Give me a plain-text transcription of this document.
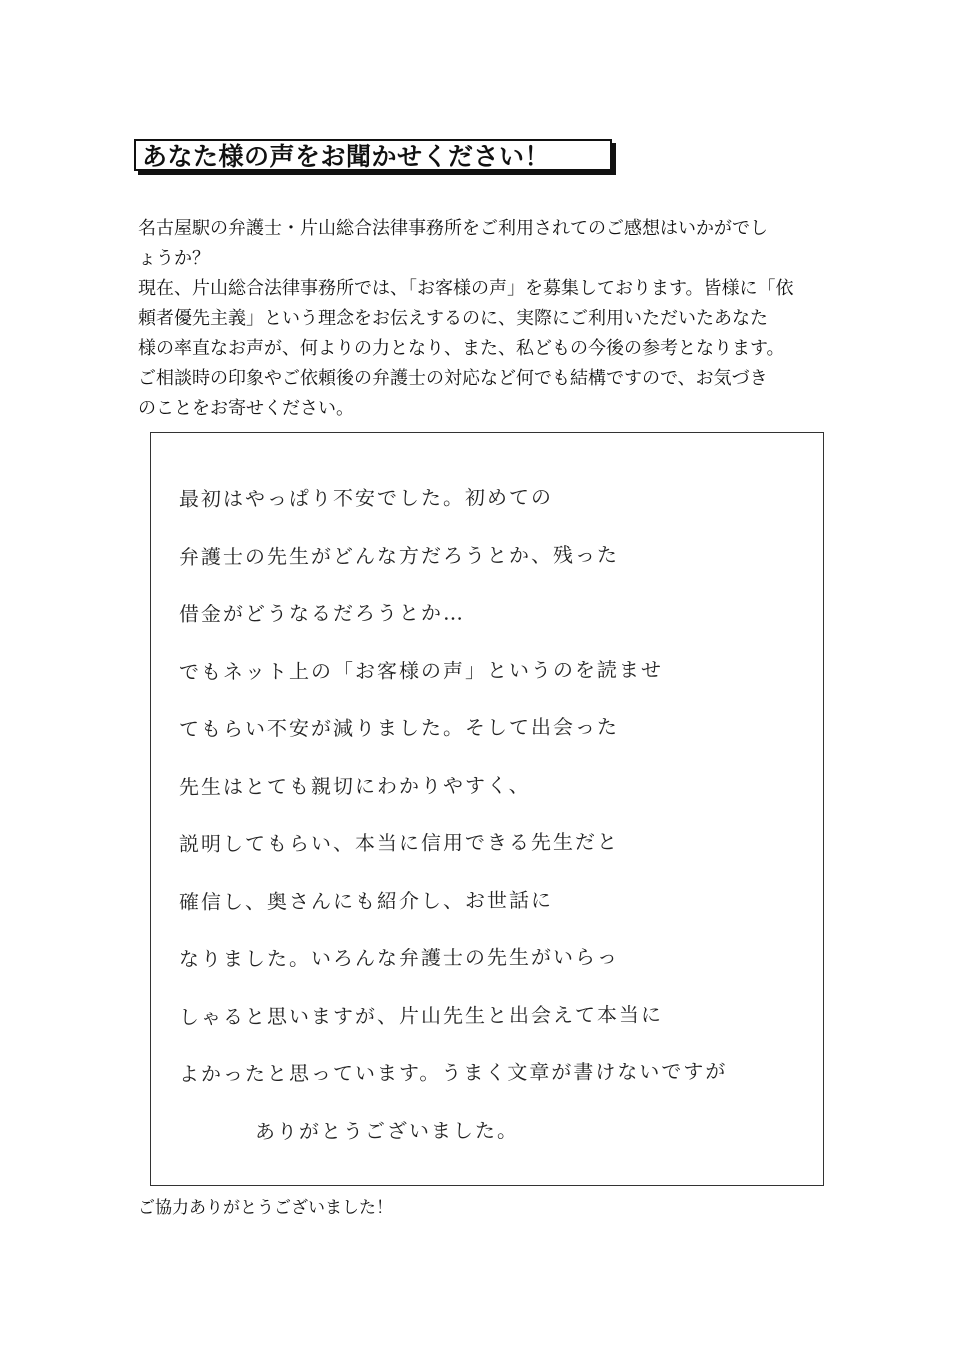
あなた様の声をお聞かせください！

名古屋駅の弁護士・片山総合法律事務所をご利用されてのご感想はいかがでし

ょうか？

現在、片山総合法律事務所では、「お客様の声」を募集しております。皆様に「依

頼者優先主義」という理念をお伝えするのに、実際にご利用いただいたあなた

様の率直なお声が、何よりの力となり、また、私どもの今後の参考となります。

ご相談時の印象やご依頼後の弁護士の対応など何でも結構ですので、お気づき

のことをお寄せください。

最初はやっぱり不安でした。初めての
弁護士の先生がどんな方だろうとか、残った
借金がどうなるだろうとか…
でもネット上の「お客様の声」というのを読ませ
てもらい不安が減りました。そして出会った
先生はとても親切にわかりやすく、
説明してもらい、本当に信用できる先生だと
確信し、奥さんにも紹介し、お世話に
なりました。いろんな弁護士の先生がいらっ
しゃると思いますが、片山先生と出会えて本当に
よかったと思っています。うまく文章が書けないですが
ありがとうございました。
ご協力ありがとうございました！
